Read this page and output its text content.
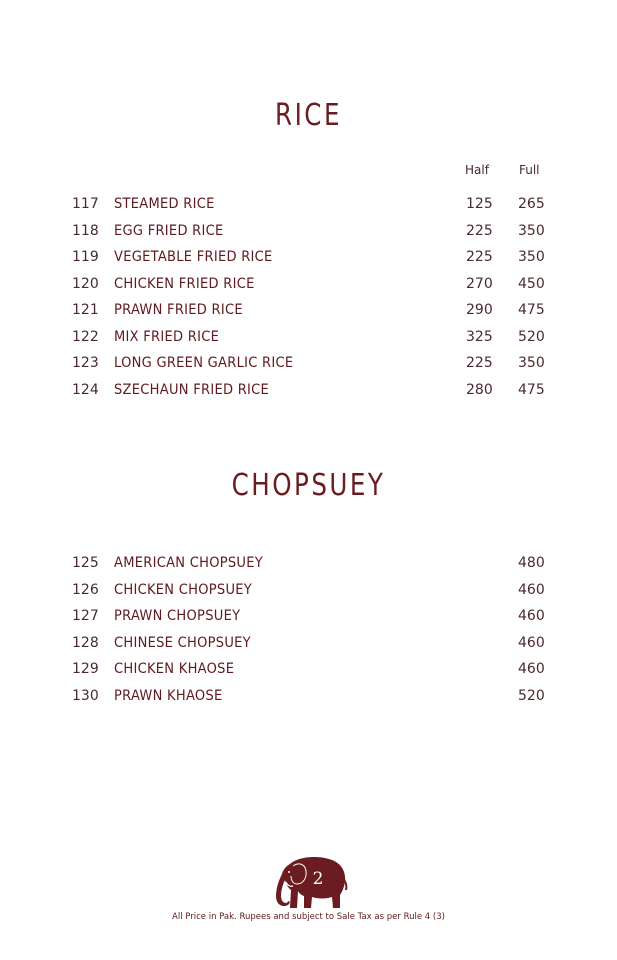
RICE
Half	Full
117 STEAMED RICE	125 265
118 EGG FRIED RICE	225 350
119 VEGETABLE FRIED RICE	225 350
120 CHICKEN FRIED RICE	270 450
121 PRAWN FRIED RICE	290 475
122 MIX FRIED RICE	325 520
123 LONG GREEN GARLIC RICE	225 350
124 SZECHAUN FRIED RICE	280 475
CHOPSUEY
125 AMERICAN CHOPSUEY	480
126 CHICKEN CHOPSUEY	460
127 PRAWN CHOPSUEY	460
128 CHINESE CHOPSUEY	460
129 CHICKEN KHAOSE	460
130 PRAWN KHAOSE	520
2
All Price in Pak. Rupees and subject to Sale Tax as per Rule 4 (3)
